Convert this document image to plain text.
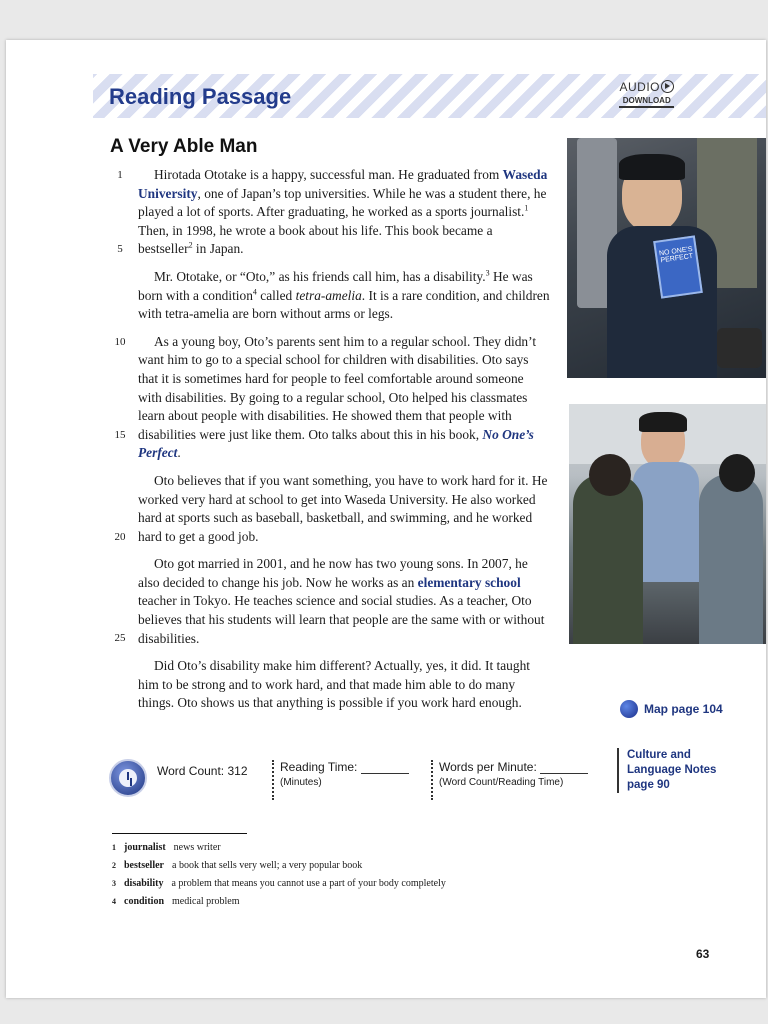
Reading Passage	AUDIO
DOWNLOAD
A Very Able Man
1
5

Hirotada Ototake is a happy, successful man. He graduated from Waseda University, one of Japan’s top universities. While he was a student there, he played a lot of sports. After graduating, he worked as a sports journalist.$^1$ Then, in 1998, he wrote a book about his life. This book became a bestseller$^2$ in Japan.

Mr. Ototake, or “Oto,” as his friends call him, has a disability.$^3$ He was born with a condition$^4$ called tetra-amelia. It is a rare condition, and children with tetra-amelia are born without arms or legs.

10
15

As a young boy, Oto’s parents sent him to a regular school. They didn’t want him to go to a special school for children with disabilities. Oto says that it is sometimes hard for people to feel comfortable around someone with disabilities. By going to a regular school, Oto helped his classmates learn about people with disabilities. He showed them that people with disabilities were just like them. Oto talks about this in his book, No One’s Perfect.

20

Oto believes that if you want something, you have to work hard for it. He worked very hard at school to get into Waseda University. He also worked hard at sports such as baseball, basketball, and swimming, and he worked hard to get a good job.

25

Oto got married in 2001, and he now has two young sons. In 2007, he also decided to change his job. Now he works as an elementary school teacher in Tokyo. He teaches science and social studies. As a teacher, Oto believes that his students will learn that people are the same with or without disabilities.

Did Oto’s disability make him different? Actually, yes, it did. It taught him to be strong and to work hard, and that made him able to do many things. Oto shows us that anything is possible if you work hard enough.

NO ONE'S PERFECT
Map page 104
Word Count: 312	Reading Time:
(Minutes)
Words per Minute:
(Word Count/Reading Time)
Culture and
Language Notes
page 90
1 journalist news writer
2 bestseller a book that sells very well; a very popular book
3 disability a problem that means you cannot use a part of your body completely
4 condition medical problem
63
